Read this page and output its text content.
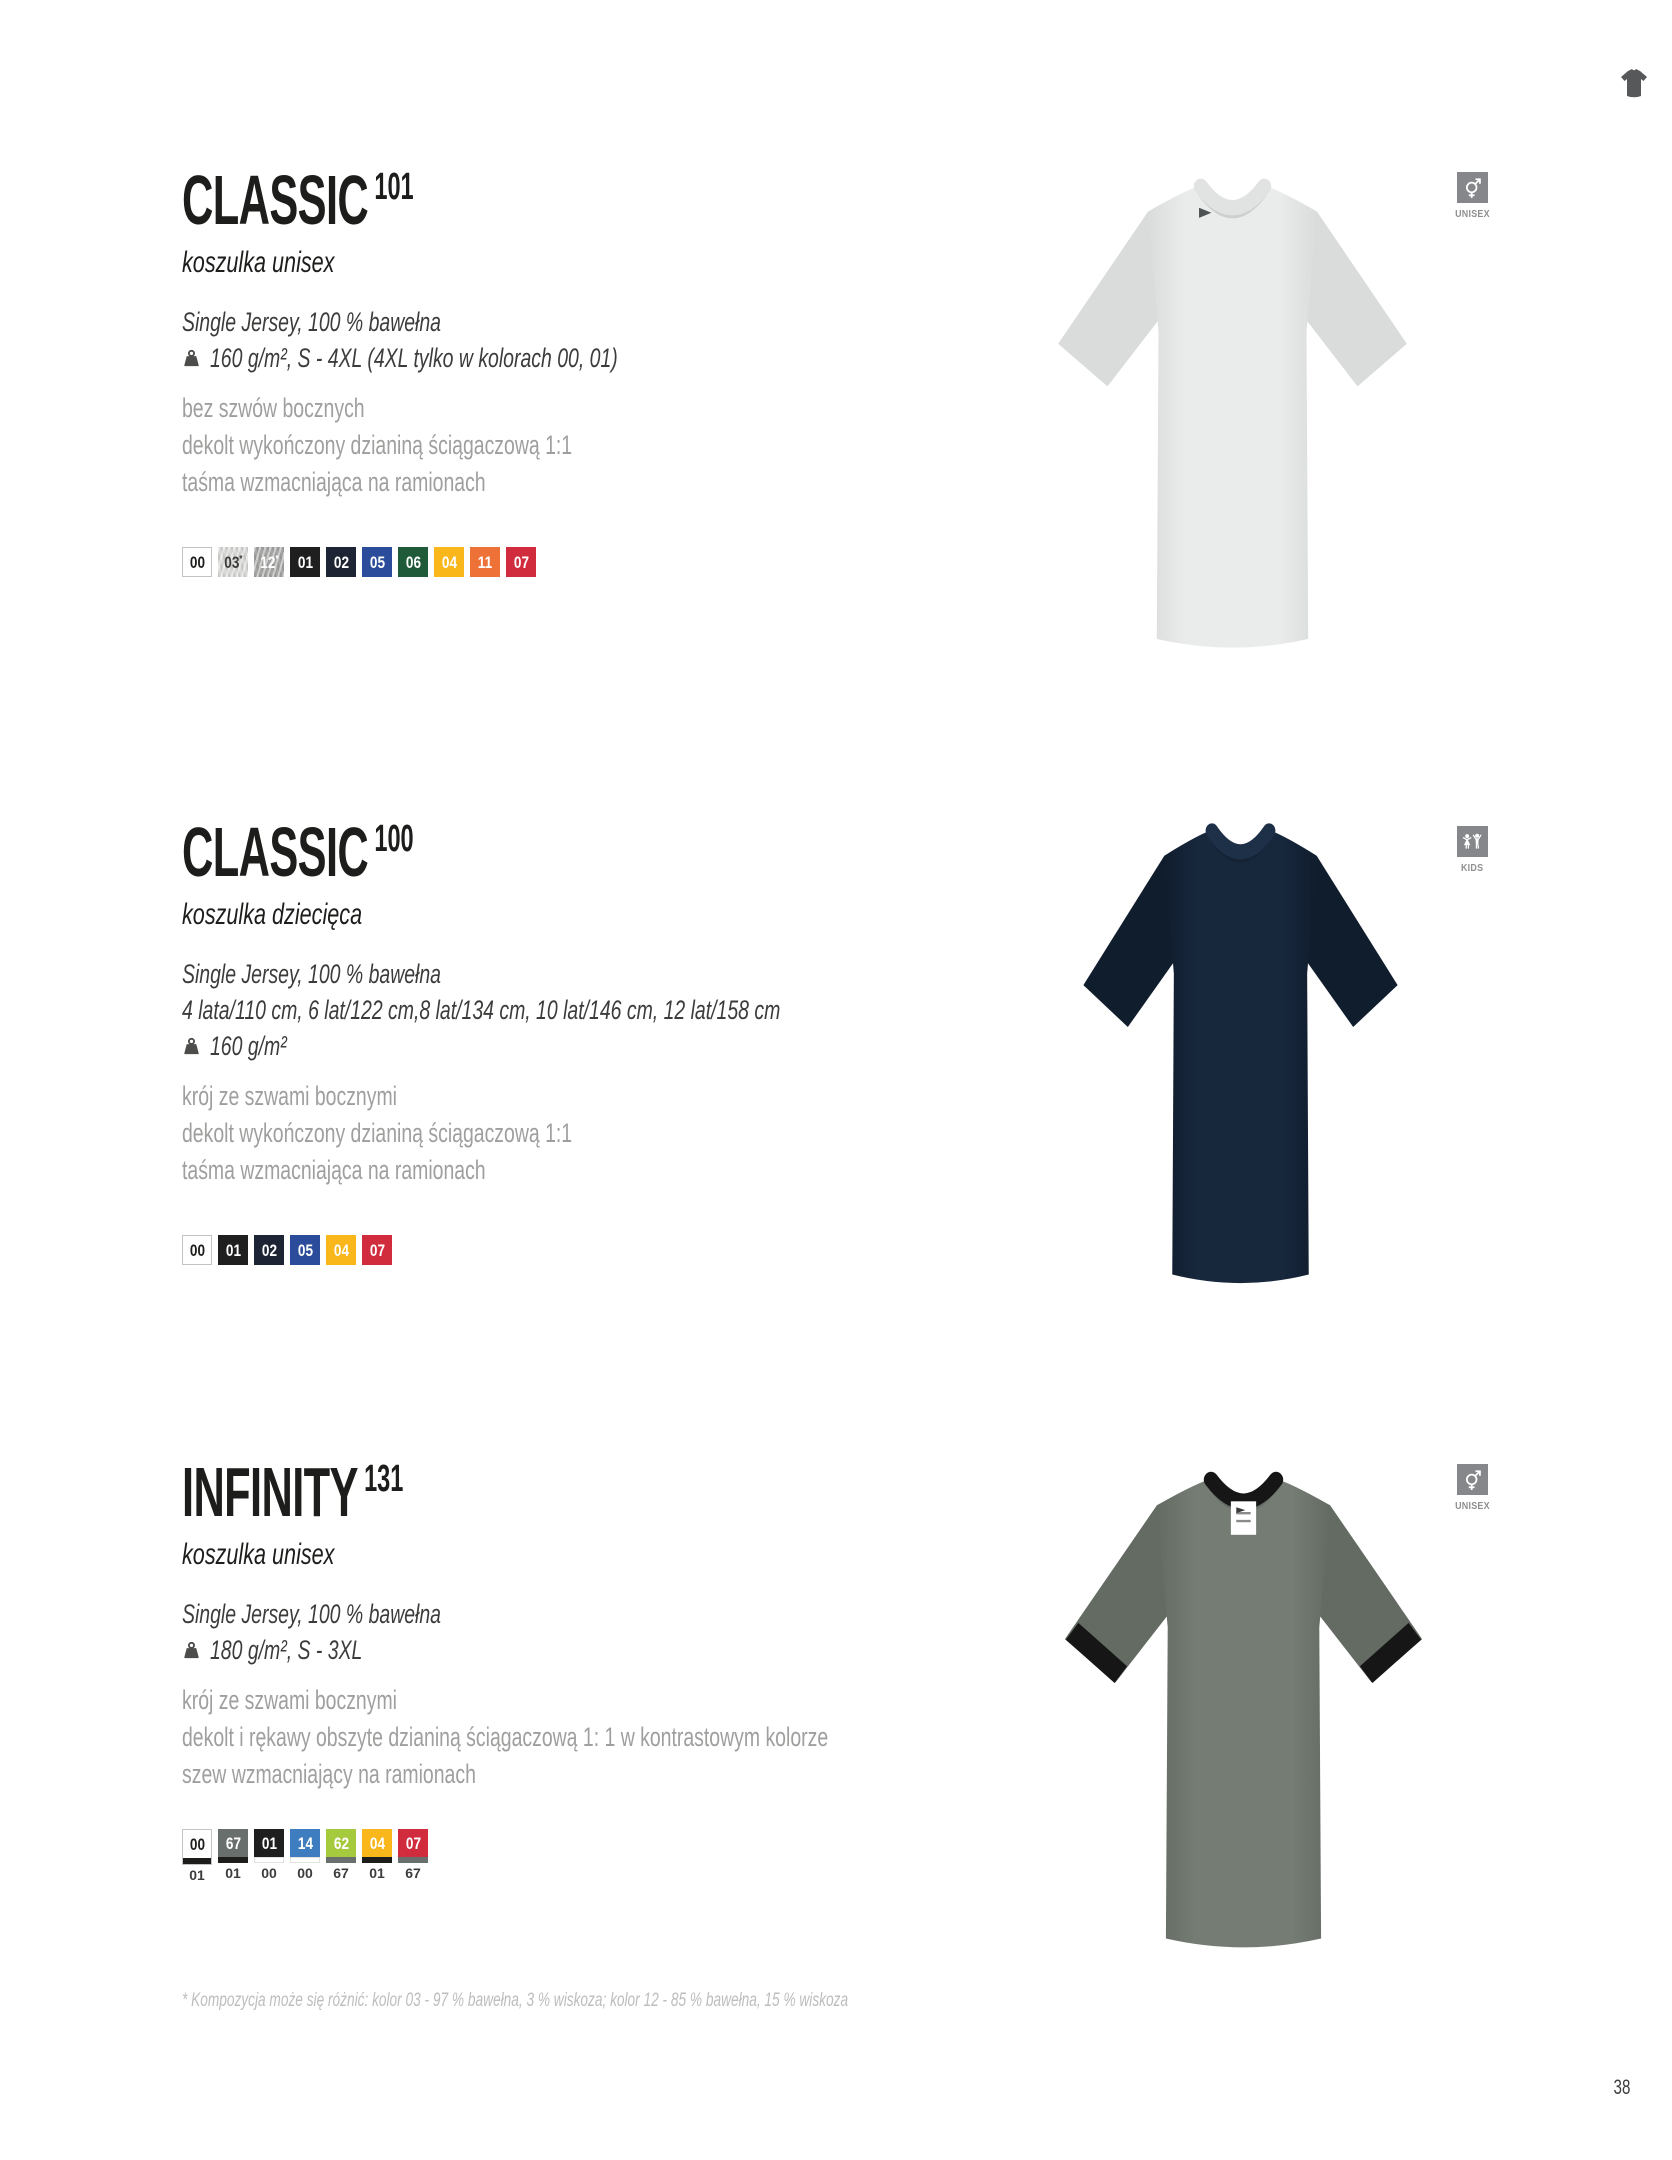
CLASSIC $^{101}$
koszulka unisex
Single Jersey, 100 % bawełna
160 g/m², S - 4XL (4XL tylko w kolorach 00, 01)
bez szwów bocznych
dekolt wykończony dzianiną ściągaczową 1:1
taśma wzmacniająca na ramionach
00 03* 12* 01 02 05 06 04 11 07
UNISEX
CLASSIC $^{100}$
koszulka dziecięca
Single Jersey, 100 % bawełna
4 lata/110 cm, 6 lat/122 cm,8 lat/134 cm, 10 lat/146 cm, 12 lat/158 cm
160 g/m²
krój ze szwami bocznymi
dekolt wykończony dzianiną ściągaczową 1:1
taśma wzmacniająca na ramionach
00 01 02 05 04 07
KIDS
INFINITY $^{131}$
koszulka unisex
Single Jersey, 100 % bawełna
180 g/m², S - 3XL
krój ze szwami bocznymi
dekolt i rękawy obszyte dzianiną ściągaczową 1: 1 w kontrastowym kolorze
szew wzmacniający na ramionach
00
01
67
01
01
00
14
00
62
67
04
01
07
67
UNISEX
* Kompozycja może się różnić: kolor 03 - 97 % bawełna, 3 % wiskoza; kolor 12 - 85 % bawełna, 15 % wiskoza
38
